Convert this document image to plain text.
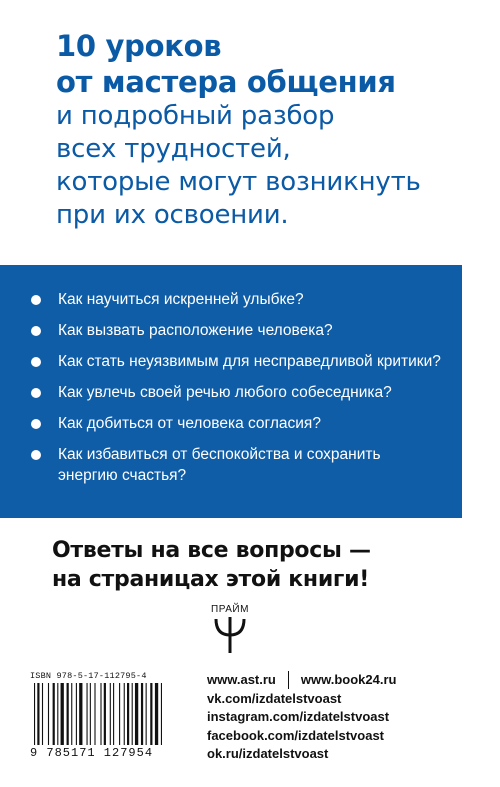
10 уроков
от мастера общения
и подробный разбор
всех трудностей,
которые могут возникнуть
при их освоении.
Как научиться искренней улыбке?
Как вызвать расположение человека?
Как стать неуязвимым для несправедливой критики?
Как увлечь своей речью любого собеседника?
Как добиться от человека согласия?
Как избавиться от беспокойства и сохранить энергию счастья?
Ответы на все вопросы —
на страницах этой книги!
ПРАЙМ
ISBN 978-5-17-112795-4
9 785171 127954
www.ast.ru www.book24.ru
vk.com/izdatelstvoast
instagram.com/izdatelstvoast
facebook.com/izdatelstvoast
ok.ru/izdatelstvoast
